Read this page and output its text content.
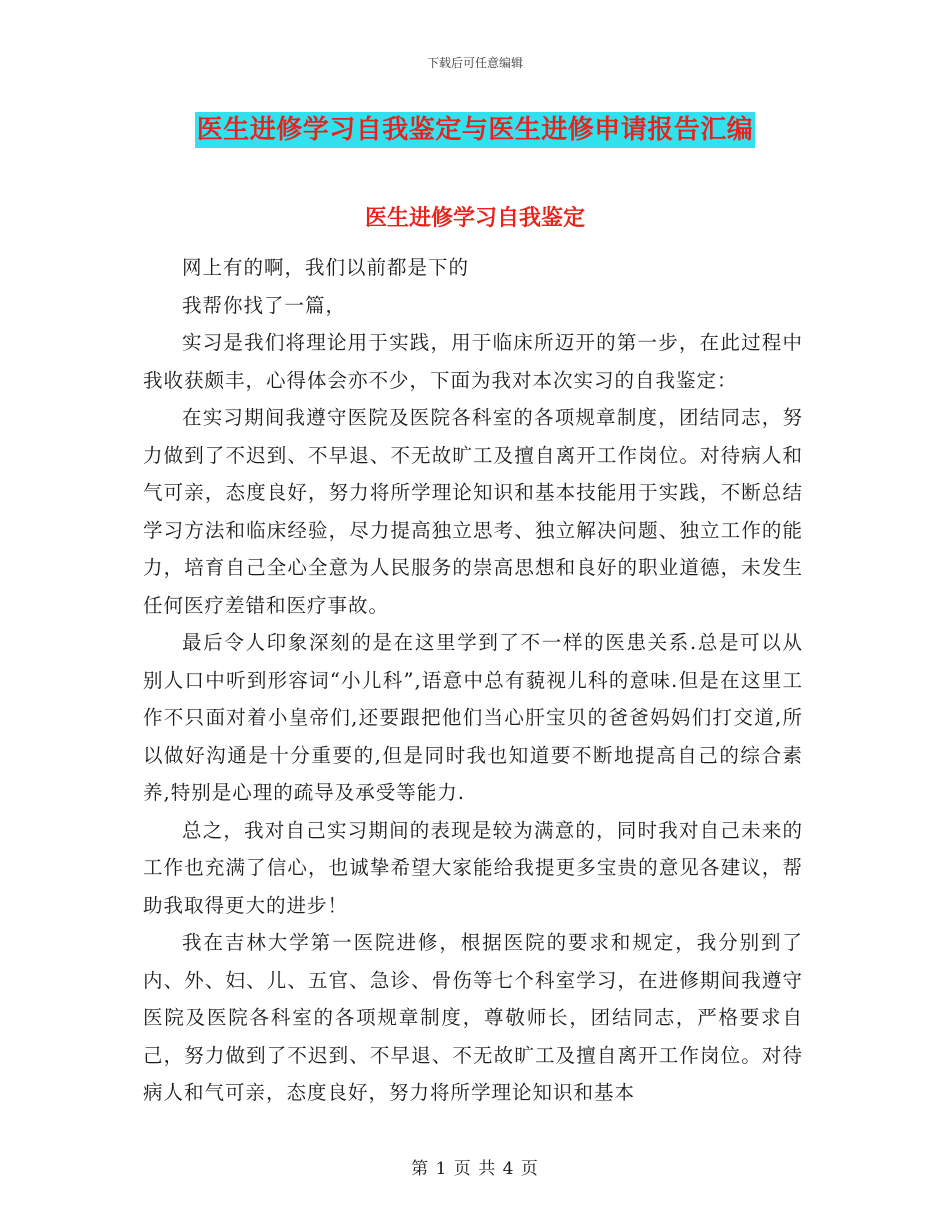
下载后可任意编辑
医生进修学习自我鉴定与医生进修申请报告汇编
医生进修学习自我鉴定

网上有的啊，我们以前都是下的

我帮你找了一篇，

实习是我们将理论用于实践，用于临床所迈开的第一步，在此过程中我收获颇丰，心得体会亦不少，下面为我对本次实习的自我鉴定：

在实习期间我遵守医院及医院各科室的各项规章制度，团结同志，努力做到了不迟到、不早退、不无故旷工及擅自离开工作岗位。对待病人和气可亲，态度良好，努力将所学理论知识和基本技能用于实践，不断总结学习方法和临床经验，尽力提高独立思考、独立解决问题、独立工作的能力，培育自己全心全意为人民服务的崇高思想和良好的职业道德，未发生任何医疗差错和医疗事故。

最后令人印象深刻的是在这里学到了不一样的医患关系.总是可以从别人口中听到形容词“小儿科”,语意中总有藐视儿科的意味.但是在这里工作不只面对着小皇帝们,还要跟把他们当心肝宝贝的爸爸妈妈们打交道,所以做好沟通是十分重要的,但是同时我也知道要不断地提高自己的综合素养,特别是心理的疏导及承受等能力.

总之，我对自己实习期间的表现是较为满意的，同时我对自己未来的工作也充满了信心，也诚挚希望大家能给我提更多宝贵的意见各建议，帮助我取得更大的进步！

我在吉林大学第一医院进修，根据医院的要求和规定，我分别到了内、外、妇、儿、五官、急诊、骨伤等七个科室学习，在进修期间我遵守医院及医院各科室的各项规章制度，尊敬师长，团结同志，严格要求自己，努力做到了不迟到、不早退、不无故旷工及擅自离开工作岗位。对待病人和气可亲，态度良好，努力将所学理论知识和基本

第 1 页 共 4 页
